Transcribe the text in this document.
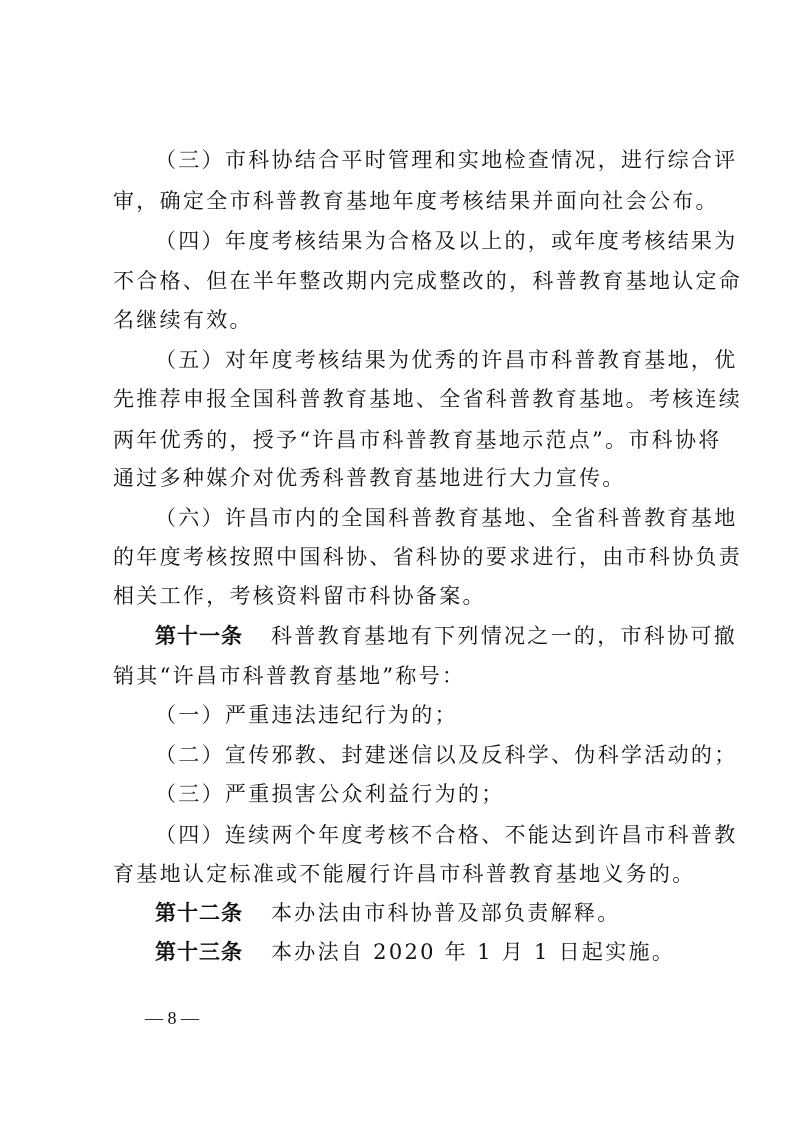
（三）市科协结合平时管理和实地检查情况，进行综合评
审，确定全市科普教育基地年度考核结果并面向社会公布。
（四）年度考核结果为合格及以上的，或年度考核结果为
不合格、但在半年整改期内完成整改的，科普教育基地认定命
名继续有效。
（五）对年度考核结果为优秀的许昌市科普教育基地，优
先推荐申报全国科普教育基地、全省科普教育基地。考核连续
两年优秀的，授予“许昌市科普教育基地示范点”。市科协将
通过多种媒介对优秀科普教育基地进行大力宣传。
（六）许昌市内的全国科普教育基地、全省科普教育基地
的年度考核按照中国科协、省科协的要求进行，由市科协负责
相关工作，考核资料留市科协备案。
第十一条 科普教育基地有下列情况之一的，市科协可撤
销其“许昌市科普教育基地”称号：
（一）严重违法违纪行为的；
（二）宣传邪教、封建迷信以及反科学、伪科学活动的；
（三）严重损害公众利益行为的；
（四）连续两个年度考核不合格、不能达到许昌市科普教
育基地认定标准或不能履行许昌市科普教育基地义务的。
第十二条 本办法由市科协普及部负责解释。
第十三条 本办法自 2020 年 1 月 1 日起实施。
— 8 —
